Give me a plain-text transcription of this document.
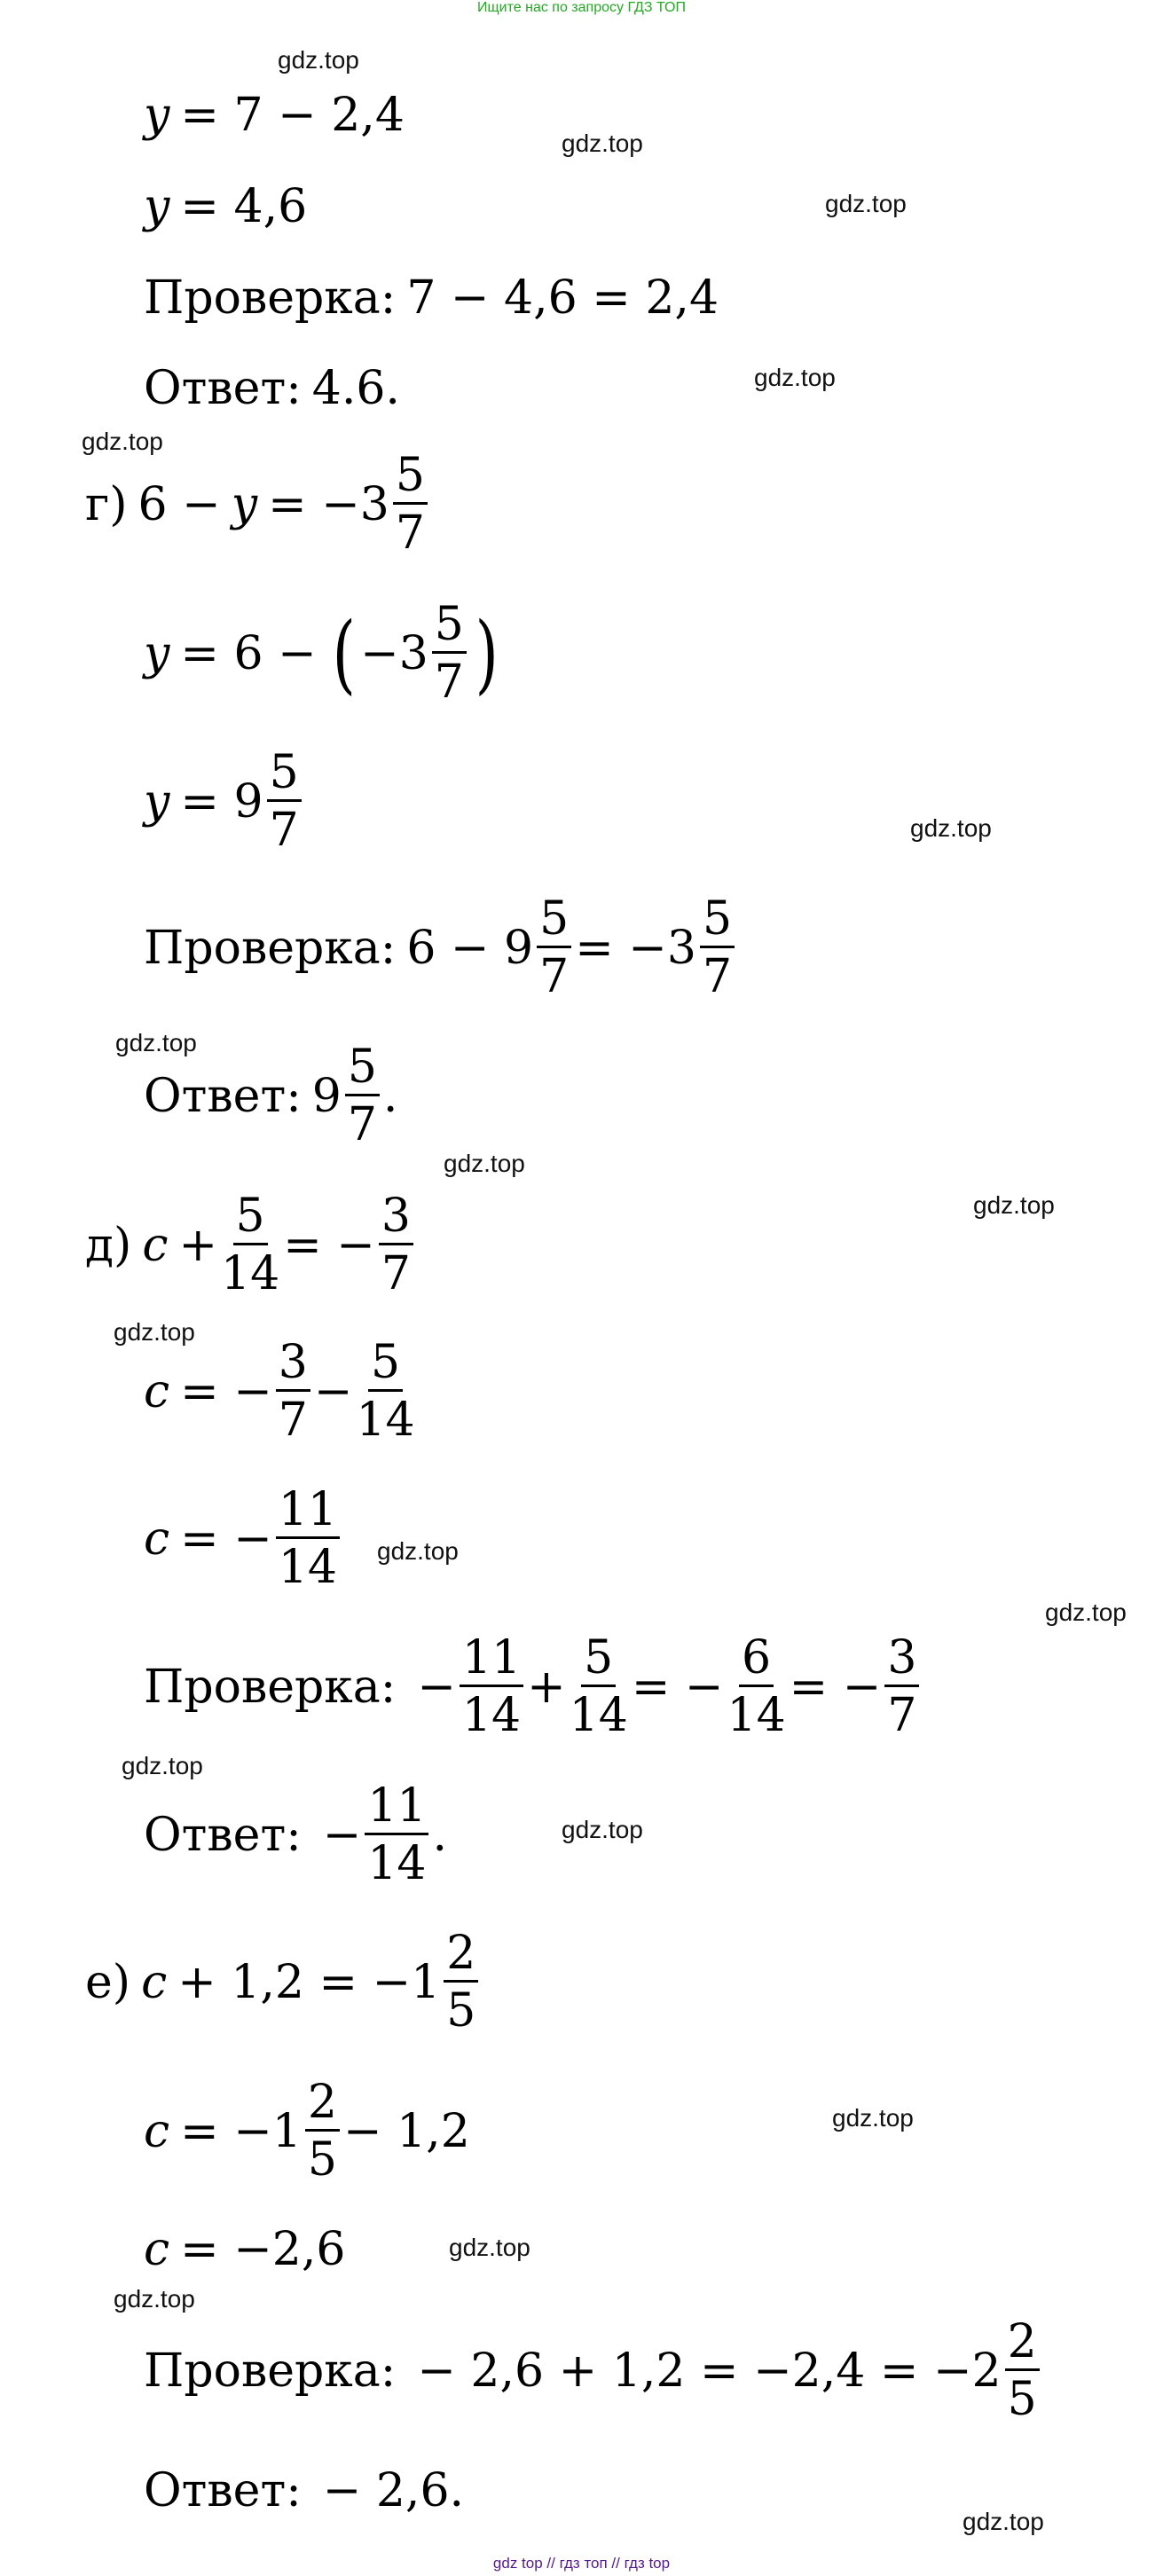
Ищите нас по запросу ГДЗ ТОП
gdz.top
gdz.top
gdz.top
gdz.top
gdz.top
gdz.top
gdz.top
gdz.top
gdz.top
gdz.top
gdz.top
gdz.top
gdz.top
gdz.top
gdz.top
gdz.top
gdz.top
gdz.top
y = 7 − 2,4
y = 4,6
Проверка: 7 − 4,6 = 2,4
Ответ: 4.6.
г) $6 - y = -3 \frac{5}{7}$
y = 6 − ( $-3 \frac{5}{7}$ )
$y = 9 \frac{5}{7}$
Проверка: $6 - 9 \frac{5}{7} = -3 \frac{5}{7}$
Ответ: $9 \frac{5}{7}$ .
д) $c + \frac{5}{14}$ = − $\frac{3}{7}$
c = − $\frac{3}{7} - \frac{5}{14}$
c = − $\frac{11}{14}$
Проверка: − $\frac{11}{14} + \frac{5}{14}$ = − $\frac{6}{14}$ = − $\frac{3}{7}$
Ответ: − $\frac{11}{14}$ .
е) $c + 1,2 = -1 \frac{2}{5}$
$c = -1 \frac{2}{5} - 1,2$
c = −2,6
Проверка: − $2,6 + 1,2 = -2,4 = -2 \frac{2}{5}$
Ответ: − 2,6.
gdz top // гдз топ // гдз top
